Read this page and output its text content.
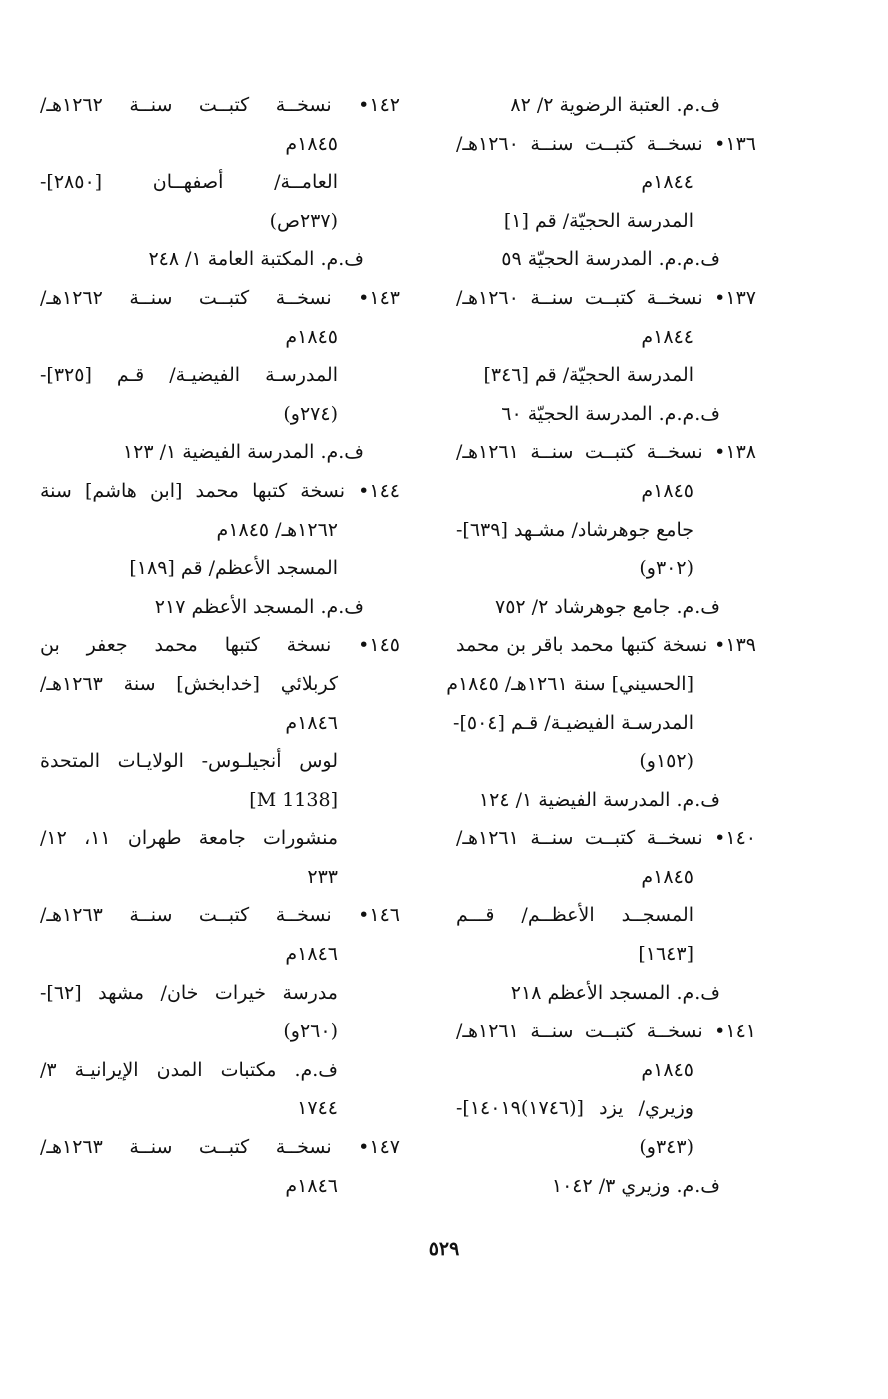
ف.م. العتبة الرضوية ٢/ ٨٢
١٣٦• نسخــة كتبــت سنــة ١٢٦٠هـ/
١٨٤٤م
المدرسة الحجيّة/ قم [١]
ف.م.م. المدرسة الحجيّة ٥٩
١٣٧• نسخــة كتبــت سنــة ١٢٦٠هـ/
١٨٤٤م
المدرسة الحجيّة/ قم [٣٤٦]
ف.م.م. المدرسة الحجيّة ٦٠
١٣٨• نسخــة كتبــت سنــة ١٢٦١هـ/
١٨٤٥م
جامع جوهرشاد/ مشـهد [٦٣٩]-
(٣٠٢و)
ف.م. جامع جوهرشاد ٢/ ٧٥٢
١٣٩• نسخة كتبها محمد باقر بن محمد
[الحسيني] سنة ١٢٦١هـ/ ١٨٤٥م
المدرسـة الفيضيـة/ قـم [٥٠٤]-
(١٥٢و)
ف.م. المدرسة الفيضية ١/ ١٢٤
١٤٠• نسخــة كتبــت سنــة ١٢٦١هـ/
١٨٤٥م
المسجــد الأعظــم/ قـــم
[١٦٤٣]
ف.م. المسجد الأعظم ٢١٨
١٤١• نسخــة كتبــت سنــة ١٢٦١هـ/
١٨٤٥م
وزيري/ يزد [(١٧٤٦)١٤٠١٩]-
(٣٤٣و)
ف.م. وزيري ٣/ ١٠٤٢
١٤٢• نسخــة كتبــت سنــة ١٢٦٢هـ/
١٨٤٥م
العامــة/ أصفهــان [٢٨٥٠]-
(٢٣٧ص)
ف.م. المكتبة العامة ١/ ٢٤٨
١٤٣• نسخــة كتبــت سنــة ١٢٦٢هـ/
١٨٤٥م
المدرسـة الفيضيـة/ قـم [٣٢٥]-
(٢٧٤و)
ف.م. المدرسة الفيضية ١/ ١٢٣
١٤٤• نسخة كتبها محمد [ابن هاشم] سنة
١٢٦٢هـ/ ١٨٤٥م
المسجد الأعظم/ قم [١٨٩]
ف.م. المسجد الأعظم ٢١٧
١٤٥• نسخة كتبها محمد جعفر بن
كربلائي [خدابخش] سنة ١٢٦٣هـ/
١٨٤٦م
لوس أنجيلـوس- الولايـات المتحدة
[M 1138]
منشورات جامعة طهران ١١، ١٢/
٢٣٣
١٤٦• نسخــة كتبــت سنــة ١٢٦٣هـ/
١٨٤٦م
مدرسة خيرات خان/ مشهد [٦٢]-
(٢٦٠و)
ف.م. مكتبات المدن الإيرانيـة ٣/
١٧٤٤
١٤٧• نسخــة كتبــت سنــة ١٢٦٣هـ/
١٨٤٦م
٥٢٩
